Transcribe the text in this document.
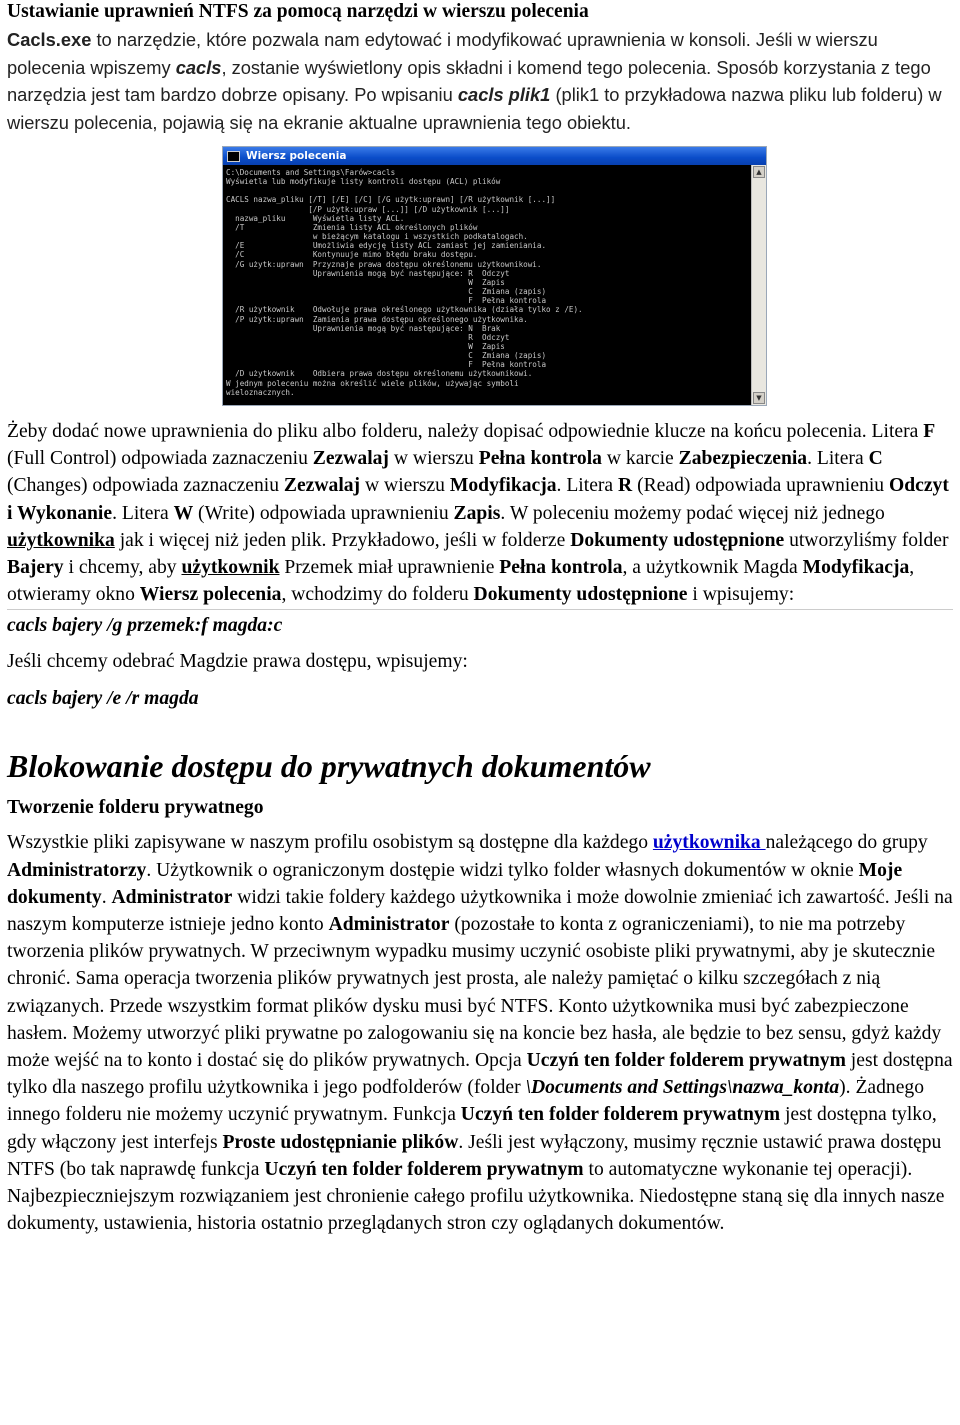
Ustawianie uprawnień NTFS za pomocą narzędzi w wierszu polecenia

Cacls.exe to narzędzie, które pozwala nam edytować i modyfikować uprawnienia w konsoli. Jeśli w wierszu polecenia wpiszemy cacls, zostanie wyświetlony opis składni i komend tego polecenia. Sposób korzystania z tego narzędzia jest tam bardzo dobrze opisany. Po wpisaniu cacls plik1 (plik1 to przykładowa nazwa pliku lub folderu) w wierszu polecenia, pojawią się na ekranie aktualne uprawnienia tego obiektu.

Wiersz polecenia
C:\Documents and Settings\Farów>cacls
Wyświetla lub modyfikuje listy kontroli dostępu (ACL) plików

CACLS nazwa_pliku [/T] [/E] [/C] [/G użytk:uprawn] [/R użytkownik [...]]
[/P użytk:upraw [...]] [/D użytkownik [...]]
nazwa_pliku      Wyświetla listy ACL.
/T               Zmienia listy ACL określonych plików
w bieżącym katalogu i wszystkich podkatalogach.
/E               Umożliwia edycję listy ACL zamiast jej zamieniania.
/C               Kontynuuje mimo błędu braku dostępu.
/G użytk:uprawn  Przyznaje prawa dostępu określonemu użytkownikowi.
Uprawnienia mogą być następujące: R  Odczyt
W  Zapis
C  Zmiana (zapis)
F  Pełna kontrola
/R użytkownik    Odwołuje prawa określonego użytkownika (działa tylko z /E).
/P użytk:uprawn  Zamienia prawa dostępu określonego użytkownika.
Uprawnienia mogą być następujące: N  Brak
R  Odczyt
W  Zapis
C  Zmiana (zapis)
F  Pełna kontrola
/D użytkownik    Odbiera prawa dostępu określonemu użytkownikowi.
W jednym poleceniu można określić wiele plików, używając symboli
wieloznacznych.
▲
▼

Żeby dodać nowe uprawnienia do pliku albo folderu, należy dopisać odpowiednie klucze na końcu polecenia. Litera F (Full Control) odpowiada zaznaczeniu Zezwalaj w wierszu Pełna kontrola w karcie Zabezpieczenia. Litera C (Changes) odpowiada zaznaczeniu Zezwalaj w wierszu Modyfikacja. Litera R (Read) odpowiada uprawnieniu Odczyt i Wykonanie. Litera W (Write) odpowiada uprawnieniu Zapis. W poleceniu możemy podać więcej niż jednego użytkownika jak i więcej niż jeden plik. Przykładowo, jeśli w folderze Dokumenty udostępnione utworzyliśmy folder Bajery i chcemy, aby użytkownik Przemek miał uprawnienie Pełna kontrola, a użytkownik Magda Modyfikacja, otwieramy okno Wiersz polecenia, wchodzimy do folderu Dokumenty udostępnione i wpisujemy:

cacls bajery /g przemek:f magda:c

Jeśli chcemy odebrać Magdzie prawa dostępu, wpisujemy:

cacls bajery /e /r magda

Blokowanie dostępu do prywatnych dokumentów
Tworzenie folderu prywatnego

Wszystkie pliki zapisywane w naszym profilu osobistym są dostępne dla każdego użytkownika należącego do grupy Administratorzy. Użytkownik o ograniczonym dostępie widzi tylko folder własnych dokumentów w oknie Moje dokumenty. Administrator widzi takie foldery każdego użytkownika i może dowolnie zmieniać ich zawartość. Jeśli na naszym komputerze istnieje jedno konto Administrator (pozostałe to konta z ograniczeniami), to nie ma potrzeby tworzenia plików prywatnych. W przeciwnym wypadku musimy uczynić osobiste pliki prywatnymi, aby je skutecznie chronić. Sama operacja tworzenia plików prywatnych jest prosta, ale należy pamiętać o kilku szczegółach z nią związanych. Przede wszystkim format plików dysku musi być NTFS. Konto użytkownika musi być zabezpieczone hasłem. Możemy utworzyć pliki prywatne po zalogowaniu się na koncie bez hasła, ale będzie to bez sensu, gdyż każdy może wejść na to konto i dostać się do plików prywatnych. Opcja Uczyń ten folder folderem prywatnym jest dostępna tylko dla naszego profilu użytkownika i jego podfolderów (folder \Documents and Settings\nazwa_konta). Żadnego innego folderu nie możemy uczynić prywatnym. Funkcja Uczyń ten folder folderem prywatnym jest dostępna tylko, gdy włączony jest interfejs Proste udostępnianie plików. Jeśli jest wyłączony, musimy ręcznie ustawić prawa dostępu NTFS (bo tak naprawdę funkcja Uczyń ten folder folderem prywatnym to automatyczne wykonanie tej operacji). Najbezpieczniejszym rozwiązaniem jest chronienie całego profilu użytkownika. Niedostępne staną się dla innych nasze dokumenty, ustawienia, historia ostatnio przeglądanych stron czy oglądanych dokumentów.
